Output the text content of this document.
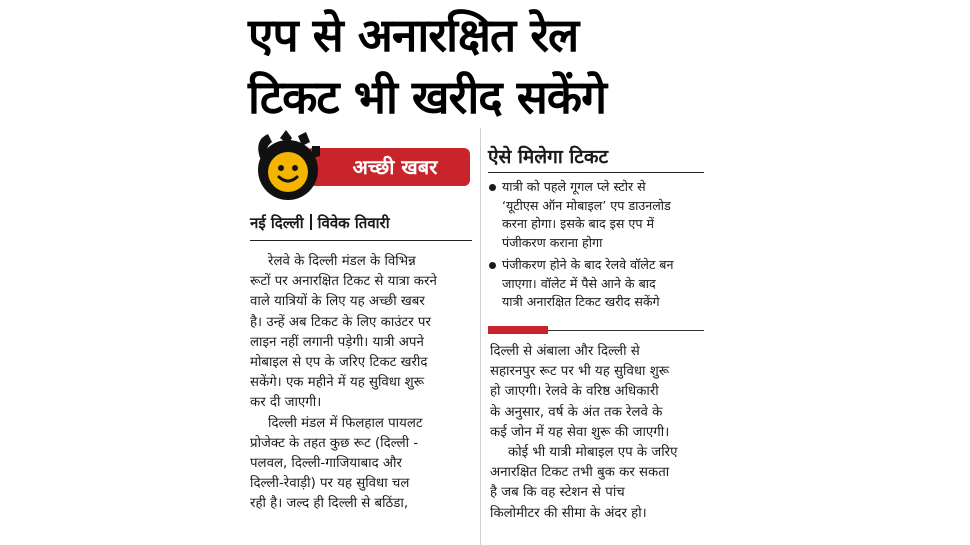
एप से अनारक्षित रेल
टिकट भी खरीद सकेंगे
अच्छी खबर
नई दिल्ली विवेक तिवारी

रेलवे के दिल्ली मंडल के विभिन्न
रूटों पर अनारक्षित टिकट से यात्रा करने
वाले यात्रियों के लिए यह अच्छी खबर
है। उन्हें अब टिकट के लिए काउंटर पर
लाइन नहीं लगानी पड़ेगी। यात्री अपने
मोबाइल से एप के जरिए टिकट खरीद
सकेंगे। एक महीने में यह सुविधा शुरू
कर दी जाएगी।

दिल्ली मंडल में फिलहाल पायलट
प्रोजेक्ट के तहत कुछ रूट (दिल्ली -
पलवल, दिल्ली-गाजियाबाद और
दिल्ली-रेवाड़ी) पर यह सुविधा चल
रही है। जल्द ही दिल्ली से बठिंडा,

ऐसे मिलेगा टिकट
यात्री को पहले गूगल प्ले स्टोर से
‘यूटीएस ऑन मोबाइल’ एप डाउनलोड
करना होगा। इसके बाद इस एप में
पंजीकरण कराना होगा
पंजीकरण होने के बाद रेलवे वॉलेट बन
जाएगा। वॉलेट में पैसे आने के बाद
यात्री अनारक्षित टिकट खरीद सकेंगे

दिल्ली से अंबाला और दिल्ली से
सहारनपुर रूट पर भी यह सुविधा शुरू
हो जाएगी। रेलवे के वरिष्ठ अधिकारी
के अनुसार, वर्ष के अंत तक रेलवे के
कई जोन में यह सेवा शुरू की जाएगी।

कोई भी यात्री मोबाइल एप के जरिए
अनारक्षित टिकट तभी बुक कर सकता
है जब कि वह स्टेशन से पांच
किलोमीटर की सीमा के अंदर हो।
